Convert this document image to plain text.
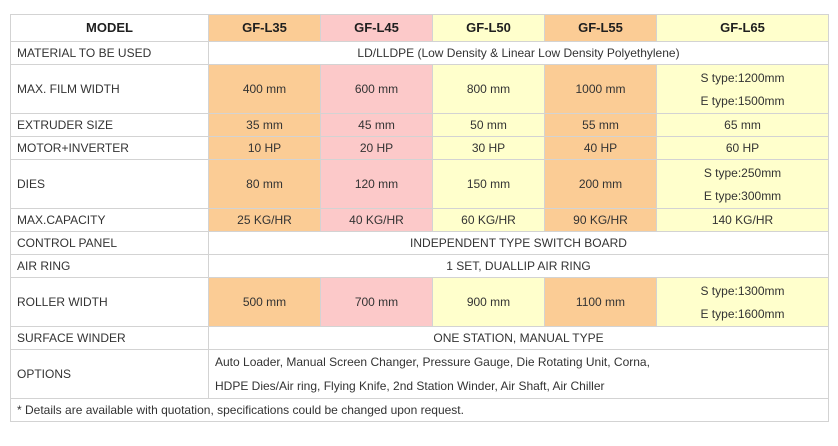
MODEL	GF-L35	GF-L45	GF-L50	GF-L55	GF-L65
MATERIAL TO BE USED	LD/LLDPE (Low Density & Linear Low Density Polyethylene)				
MAX. FILM WIDTH	400 mm	600 mm	800 mm	1000 mm	S type:1200mm
E type:1500mm

EXTRUDER SIZE	35 mm	45 mm	50 mm	55 mm	65 mm
MOTOR+INVERTER	10 HP	20 HP	30 HP	40 HP	60 HP
DIES	80 mm	120 mm	150 mm	200 mm	S type:250mm
E type:300mm

MAX.CAPACITY	25 KG/HR	40 KG/HR	60 KG/HR	90 KG/HR	140 KG/HR
CONTROL PANEL	INDEPENDENT TYPE SWITCH BOARD				
AIR RING	1 SET, DUALLIP AIR RING				
ROLLER WIDTH	500 mm	700 mm	900 mm	1100 mm	S type:1300mm
E type:1600mm

SURFACE WINDER	ONE STATION, MANUAL TYPE				
OPTIONS	Auto Loader, Manual Screen Changer, Pressure Gauge, Die Rotating Unit, Corna,
HDPE Dies/Air ring, Flying Knife, 2nd Station Winder, Air Shaft, Air Chiller				

* Details are available with quotation, specifications could be changed upon request.					
